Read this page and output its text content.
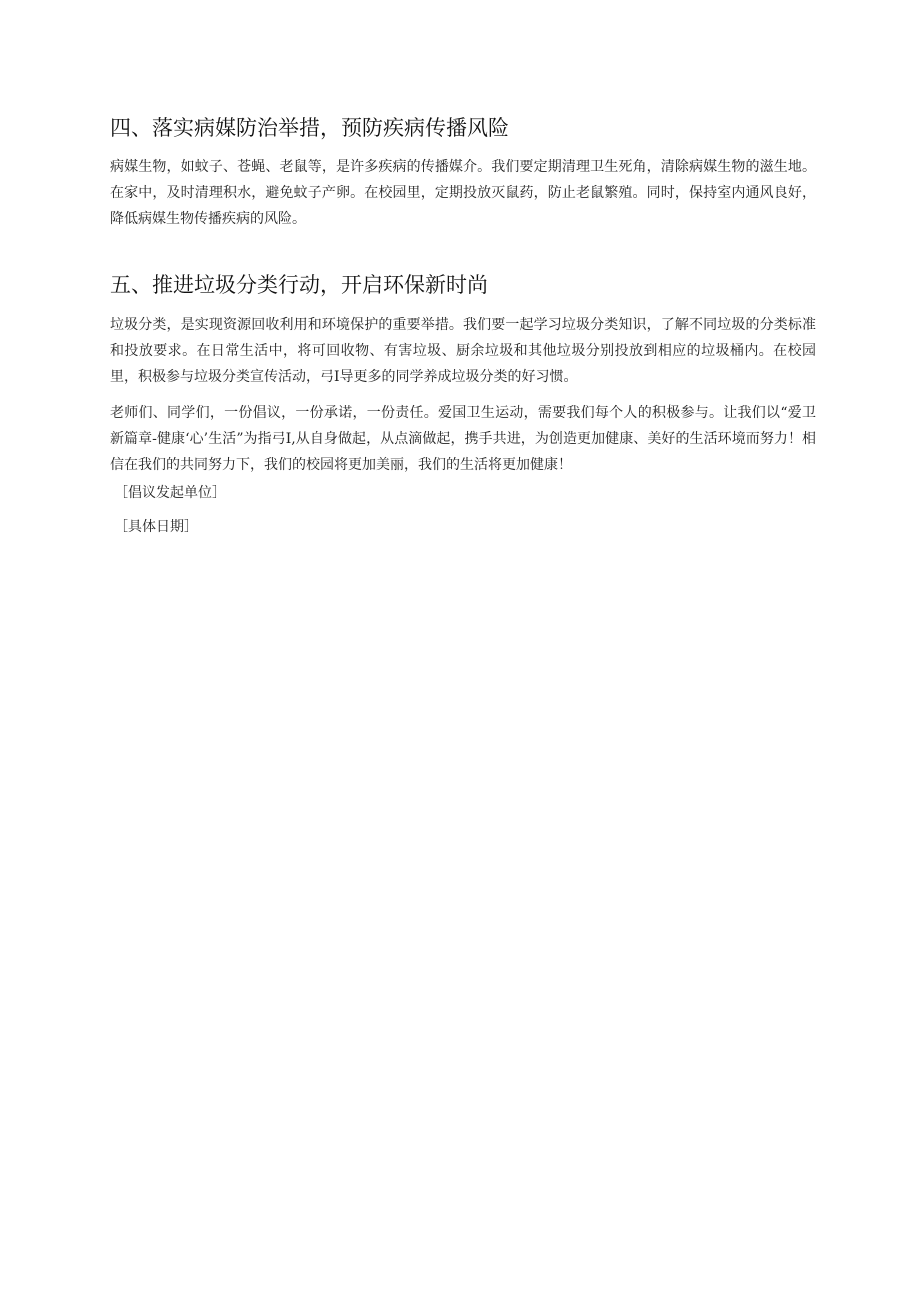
四、落实病媒防治举措，预防疾病传播风险

病媒生物，如蚊子、苍蝇、老鼠等，是许多疾病的传播媒介。我们要定期清理卫生死角，清除病媒生物的滋生地。在家中，及时清理积水，避免蚊子产卵。在校园里，定期投放灭鼠药，防止老鼠繁殖。同时，保持室内通风良好，降低病媒生物传播疾病的风险。

五、推进垃圾分类行动，开启环保新时尚

垃圾分类，是实现资源回收利用和环境保护的重要举措。我们要一起学习垃圾分类知识，了解不同垃圾的分类标准和投放要求。在日常生活中，将可回收物、有害垃圾、厨余垃圾和其他垃圾分别投放到相应的垃圾桶内。在校园里，积极参与垃圾分类宣传活动，弓I导更多的同学养成垃圾分类的好习惯。

老师们、同学们，一份倡议，一份承诺，一份责任。爱国卫生运动，需要我们每个人的积极参与。让我们以“爱卫新篇章-健康‘心’生活”为指弓I,从自身做起，从点滴做起，携手共进，为创造更加健康、美好的生活环境而努力！相信在我们的共同努力下，我们的校园将更加美丽，我们的生活将更加健康！

［倡议发起单位］

［具体日期］
